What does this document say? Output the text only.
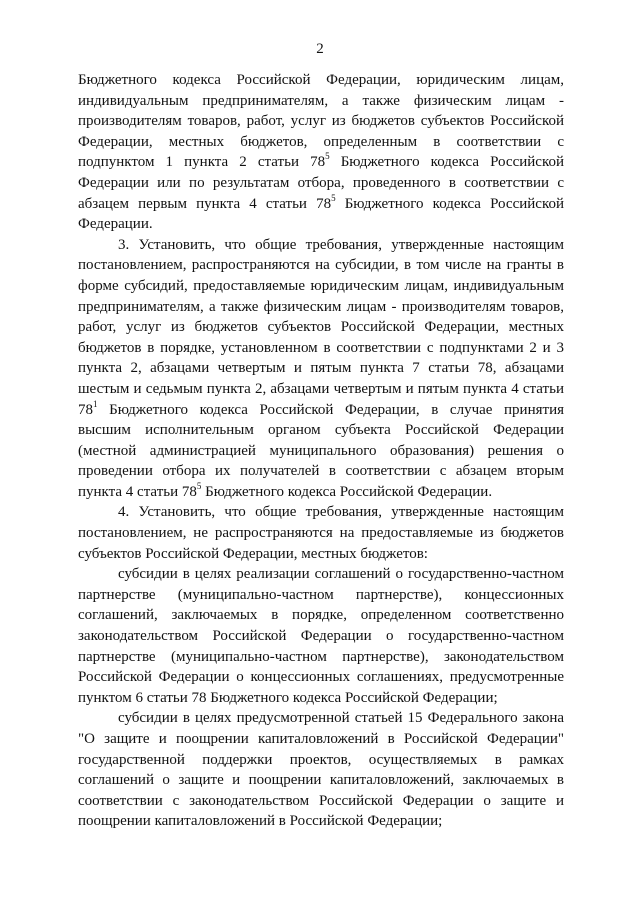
2

Бюджетного кодекса Российской Федерации, юридическим лицам, индивидуальным предпринимателям, а также физическим лицам - производителям товаров, работ, услуг из бюджетов субъектов Российской Федерации, местных бюджетов, определенным в соответствии с подпунктом 1 пункта 2 статьи $78^5$ Бюджетного кодекса Российской Федерации или по результатам отбора, проведенного в соответствии с абзацем первым пункта 4 статьи $78^5$ Бюджетного кодекса Российской Федерации.

3. Установить, что общие требования, утвержденные настоящим постановлением, распространяются на субсидии, в том числе на гранты в форме субсидий, предоставляемые юридическим лицам, индивидуальным предпринимателям, а также физическим лицам - производителям товаров, работ, услуг из бюджетов субъектов Российской Федерации, местных бюджетов в порядке, установленном в соответствии с подпунктами 2 и 3 пункта 2, абзацами четвертым и пятым пункта 7 статьи 78, абзацами шестым и седьмым пункта 2, абзацами четвертым и пятым пункта 4 статьи $78^1$ Бюджетного кодекса Российской Федерации, в случае принятия высшим исполнительным органом субъекта Российской Федерации (местной администрацией муниципального образования) решения о проведении отбора их получателей в соответствии с абзацем вторым пункта 4 статьи $78^5$ Бюджетного кодекса Российской Федерации.

4. Установить, что общие требования, утвержденные настоящим постановлением, не распространяются на предоставляемые из бюджетов субъектов Российской Федерации, местных бюджетов:

субсидии в целях реализации соглашений о государственно-частном партнерстве (муниципально-частном партнерстве), концессионных соглашений, заключаемых в порядке, определенном соответственно законодательством Российской Федерации о государственно-частном партнерстве (муниципально-частном партнерстве), законодательством Российской Федерации о концессионных соглашениях, предусмотренные пунктом 6 статьи 78 Бюджетного кодекса Российской Федерации;

субсидии в целях предусмотренной статьей 15 Федерального закона "О защите и поощрении капиталовложений в Российской Федерации" государственной поддержки проектов, осуществляемых в рамках соглашений о защите и поощрении капиталовложений, заключаемых в соответствии с законодательством Российской Федерации о защите и поощрении капиталовложений в Российской Федерации;
